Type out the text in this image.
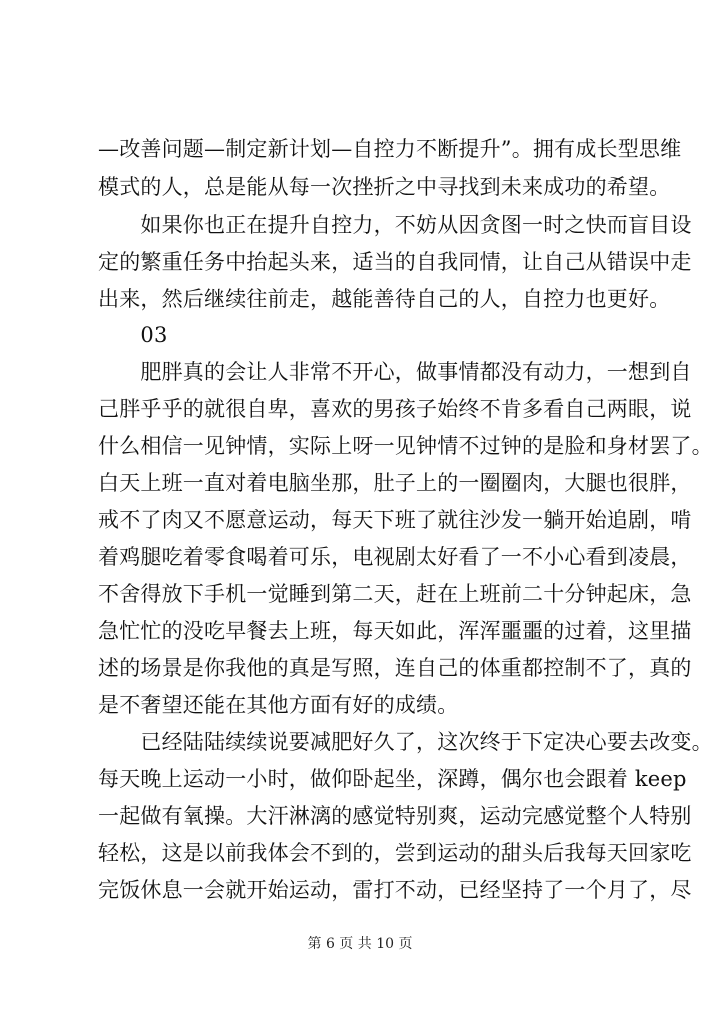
—改善问题—制定新计划—自控力不断提升”。拥有成长型思维
模式的人，总是能从每一次挫折之中寻找到未来成功的希望。
　　如果你也正在提升自控力，不妨从因贪图一时之快而盲目设
定的繁重任务中抬起头来，适当的自我同情，让自己从错误中走
出来，然后继续往前走，越能善待自己的人，自控力也更好。
　　03
　　肥胖真的会让人非常不开心，做事情都没有动力，一想到自
己胖乎乎的就很自卑，喜欢的男孩子始终不肯多看自己两眼，说
什么相信一见钟情，实际上呀一见钟情不过钟的是脸和身材罢了。
白天上班一直对着电脑坐那，肚子上的一圈圈肉，大腿也很胖，
戒不了肉又不愿意运动，每天下班了就往沙发一躺开始追剧，啃
着鸡腿吃着零食喝着可乐，电视剧太好看了一不小心看到凌晨，
不舍得放下手机一觉睡到第二天，赶在上班前二十分钟起床，急
急忙忙的没吃早餐去上班，每天如此，浑浑噩噩的过着，这里描
述的场景是你我他的真是写照，连自己的体重都控制不了，真的
是不奢望还能在其他方面有好的成绩。
　　已经陆陆续续说要减肥好久了，这次终于下定决心要去改变。
每天晚上运动一小时，做仰卧起坐，深蹲，偶尔也会跟着 keep
一起做有氧操。大汗淋漓的感觉特别爽，运动完感觉整个人特别
轻松，这是以前我体会不到的，尝到运动的甜头后我每天回家吃
完饭休息一会就开始运动，雷打不动，已经坚持了一个月了，尽
第 6 页 共 10 页
